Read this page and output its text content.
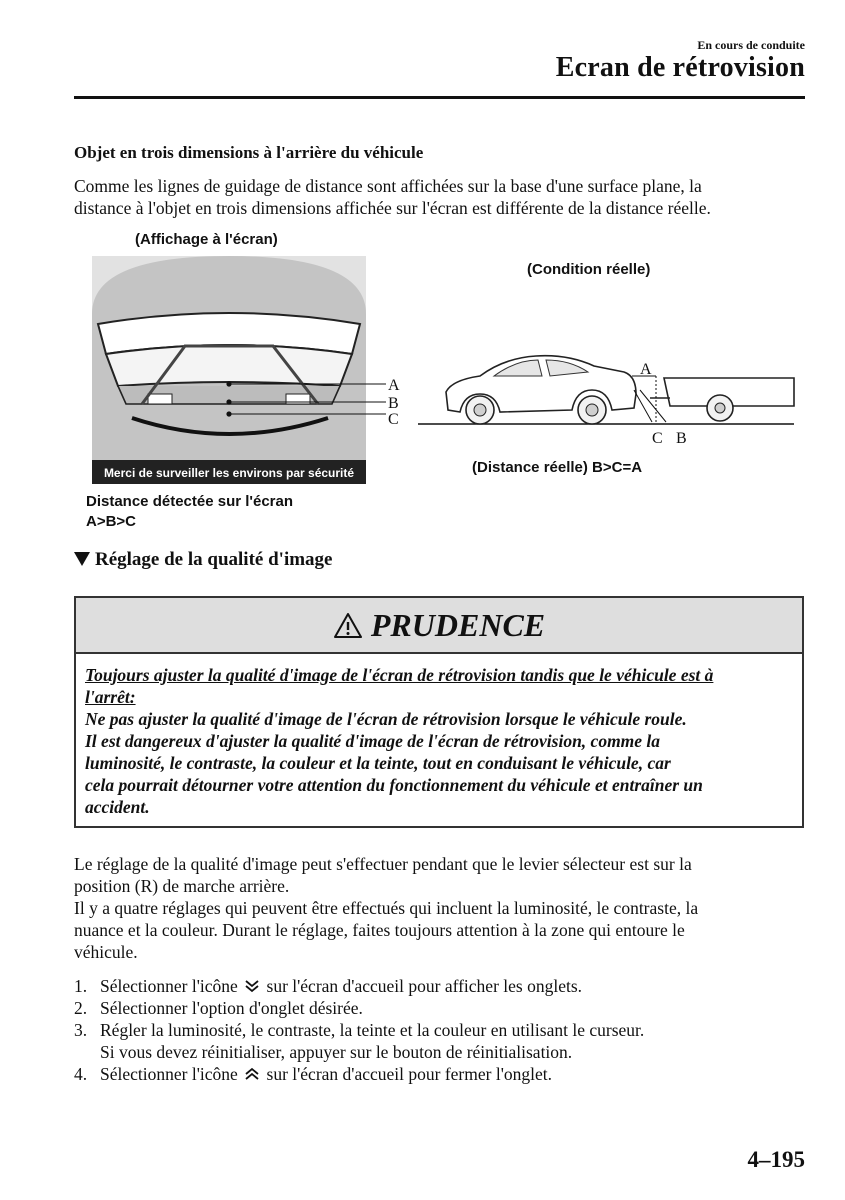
En cours de conduite
Ecran de rétrovision
Objet en trois dimensions à l'arrière du véhicule
Comme les lignes de guidage de distance sont affichées sur la base d'une surface plane, la
distance à l'objet en trois dimensions affichée sur l'écran est différente de la distance réelle.
(Affichage à l'écran)
(Condition réelle)
A
B
C
Merci de surveiller les environs par sécurité
A
C B
(Distance réelle) B>C=A
Distance détectée sur l'écran
A>B>C
Réglage de la qualité d'image
PRUDENCE
Toujours ajuster la qualité d'image de l'écran de rétrovision tandis que le véhicule est à
l'arrêt:
Ne pas ajuster la qualité d'image de l'écran de rétrovision lorsque le véhicule roule.
Il est dangereux d'ajuster la qualité d'image de l'écran de rétrovision, comme la
luminosité, le contraste, la couleur et la teinte, tout en conduisant le véhicule, car
cela pourrait détourner votre attention du fonctionnement du véhicule et entraîner un
accident.
Le réglage de la qualité d'image peut s'effectuer pendant que le levier sélecteur est sur la
position (R) de marche arrière.
Il y a quatre réglages qui peuvent être effectués qui incluent la luminosité, le contraste, la
nuance et la couleur. Durant le réglage, faites toujours attention à la zone qui entoure le
véhicule.
1. Sélectionner l'icône sur l'écran d'accueil pour afficher les onglets.
2. Sélectionner l'option d'onglet désirée.
3. Régler la luminosité, le contraste, la teinte et la couleur en utilisant le curseur.
Si vous devez réinitialiser, appuyer sur le bouton de réinitialisation.
4. Sélectionner l'icône sur l'écran d'accueil pour fermer l'onglet.
4–195
